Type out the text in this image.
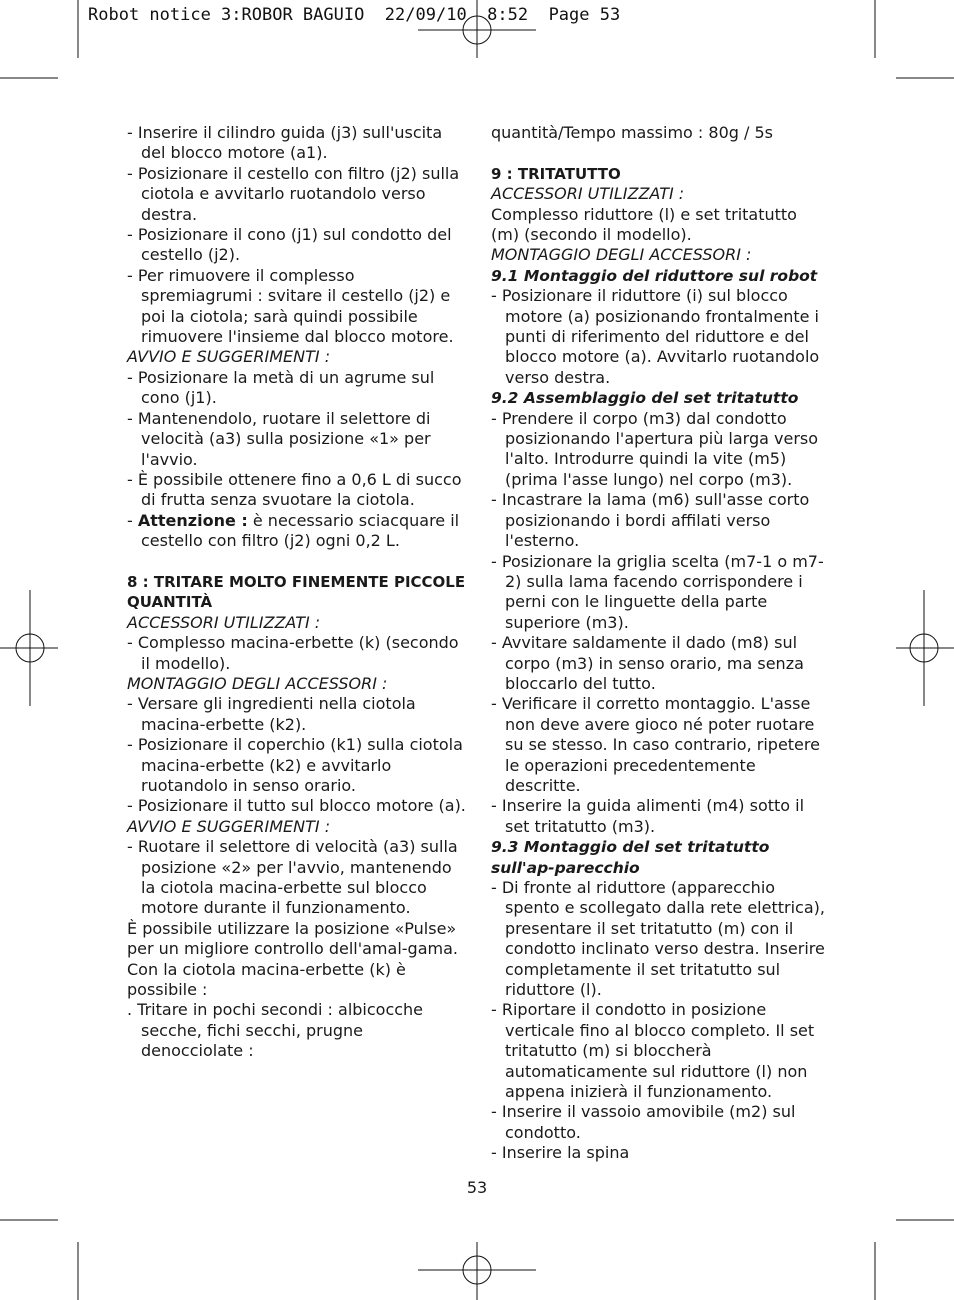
Robot notice 3:ROBOR BAGUIO  22/09/10  8:52  Page 53

- Inserire il cilindro guida (j3) sull'uscita del blocco motore (a1).

- Posizionare il cestello con filtro (j2) sulla ciotola e avvitarlo ruotandolo verso destra.

- Posizionare il cono (j1) sul condotto del cestello (j2).

- Per rimuovere il complesso spremiagrumi : svitare il cestello (j2) e poi la ciotola; sarà quindi possibile rimuovere l'insieme dal blocco motore.

AVVIO E SUGGERIMENTI :

- Posizionare la metà di un agrume sul cono (j1).

- Mantenendolo, ruotare il selettore di velocità (a3) sulla posizione «1» per l'avvio.

- È possibile ottenere fino a 0,6 L di succo di frutta senza svuotare la ciotola.

- Attenzione : è necessario sciacquare il cestello con filtro (j2) ogni 0,2 L.

8 : TRITARE MOLTO FINEMENTE PICCOLE QUANTITÀ

ACCESSORI UTILIZZATI :

- Complesso macina-erbette (k) (secondo il modello).

MONTAGGIO DEGLI ACCESSORI :

- Versare gli ingredienti nella ciotola macina-erbette (k2).

- Posizionare il coperchio (k1) sulla ciotola macina-erbette (k2) e avvitarlo ruotandolo in senso orario.

- Posizionare il tutto sul blocco motore (a).

AVVIO E SUGGERIMENTI :

- Ruotare il selettore di velocità (a3) sulla posizione «2» per l'avvio, mantenendo la ciotola macina-erbette sul blocco motore durante il funzionamento.

È possibile utilizzare la posizione «Pulse» per un migliore controllo dell'amal-gama.

Con la ciotola macina-erbette (k) è possibile :

. Tritare in pochi secondi : albicocche secche, fichi secchi, prugne denocciolate :

quantità/Tempo massimo : 80g / 5s

9 : TRITATUTTO

ACCESSORI UTILIZZATI :

Complesso riduttore (l) e set tritatutto (m) (secondo il modello).

MONTAGGIO DEGLI ACCESSORI :

9.1 Montaggio del riduttore sul robot

- Posizionare il riduttore (i) sul blocco motore (a) posizionando frontalmente i punti di riferimento del riduttore e del blocco motore (a). Avvitarlo ruotandolo verso destra.

9.2 Assemblaggio del set tritatutto

- Prendere il corpo (m3) dal condotto posizionando l'apertura più larga verso l'alto. Introdurre quindi la vite (m5) (prima l'asse lungo) nel corpo (m3).

- Incastrare la lama (m6) sull'asse corto posizionando i bordi affilati verso l'esterno.

- Posizionare la griglia scelta (m7-1 o m7-2) sulla lama facendo corrispondere i perni con le linguette della parte superiore (m3).

- Avvitare saldamente il dado (m8) sul corpo (m3) in senso orario, ma senza bloccarlo del tutto.

- Verificare il corretto montaggio. L'asse non deve avere gioco né poter ruotare su se stesso. In caso contrario, ripetere le operazioni precedentemente descritte.

- Inserire la guida alimenti (m4) sotto il set tritatutto (m3).

9.3 Montaggio del set tritatutto sull'ap-parecchio

- Di fronte al riduttore (apparecchio spento e scollegato dalla rete elettrica), presentare il set tritatutto (m) con il condotto inclinato verso destra. Inserire completamente il set tritatutto sul riduttore (l).

- Riportare il condotto in posizione verticale fino al blocco completo. Il set tritatutto (m) si bloccherà automaticamente sul riduttore (l) non appena inizierà il funzionamento.

- Inserire il vassoio amovibile (m2) sul condotto.

- Inserire la spina

53
